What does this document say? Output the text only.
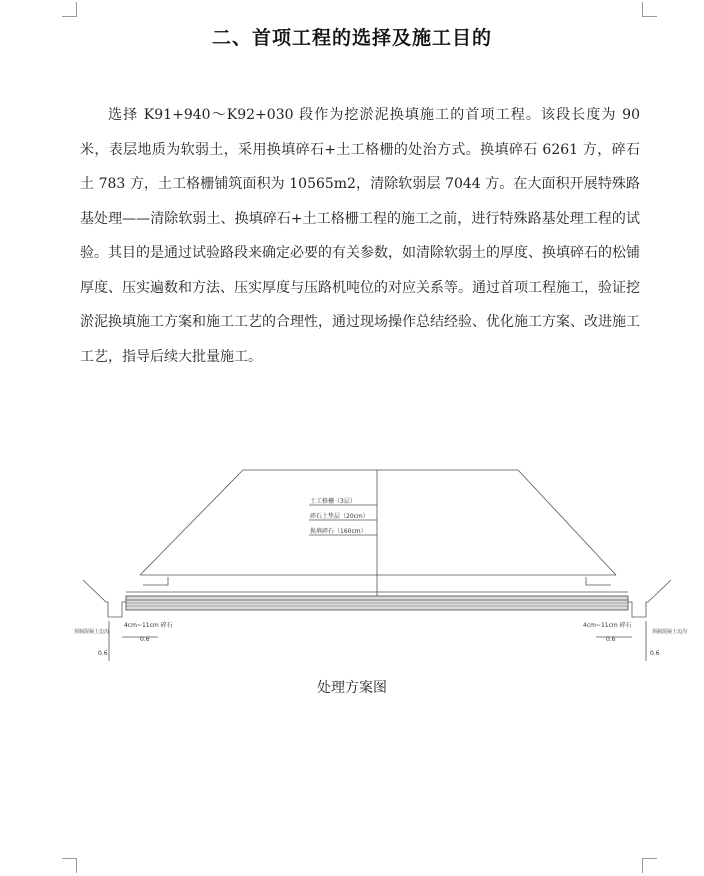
二、首项工程的选择及施工目的

选择 K91+940～K92+030 段作为挖淤泥换填施工的首项工程。该段长度为 90 米，表层地质为软弱土，采用换填碎石+土工格栅的处治方式。换填碎石 6261 方，碎石土 783 方，土工格栅铺筑面积为 10565m2，清除软弱层 7044 方。在大面积开展特殊路基处理——清除软弱土、换填碎石+土工格栅工程的施工之前，进行特殊路基处理工程的试验。其目的是通过试验路段来确定必要的有关参数，如清除软弱土的厚度、换填碎石的松铺厚度、压实遍数和方法、压实厚度与压路机吨位的对应关系等。通过首项工程施工，验证挖淤泥换填施工方案和施工工艺的合理性，通过现场操作总结经验、优化施工方案、改进施工工艺，指导后续大批量施工。

土工格栅（3层）
碎石土垫层（20cm）
换填碎石（160cm）
4cm~11cm 碎石	4cm~11cm 碎石
0.6	0.6
预制混凝土边沟	预制混凝土边沟
0.6	0.6
处理方案图
